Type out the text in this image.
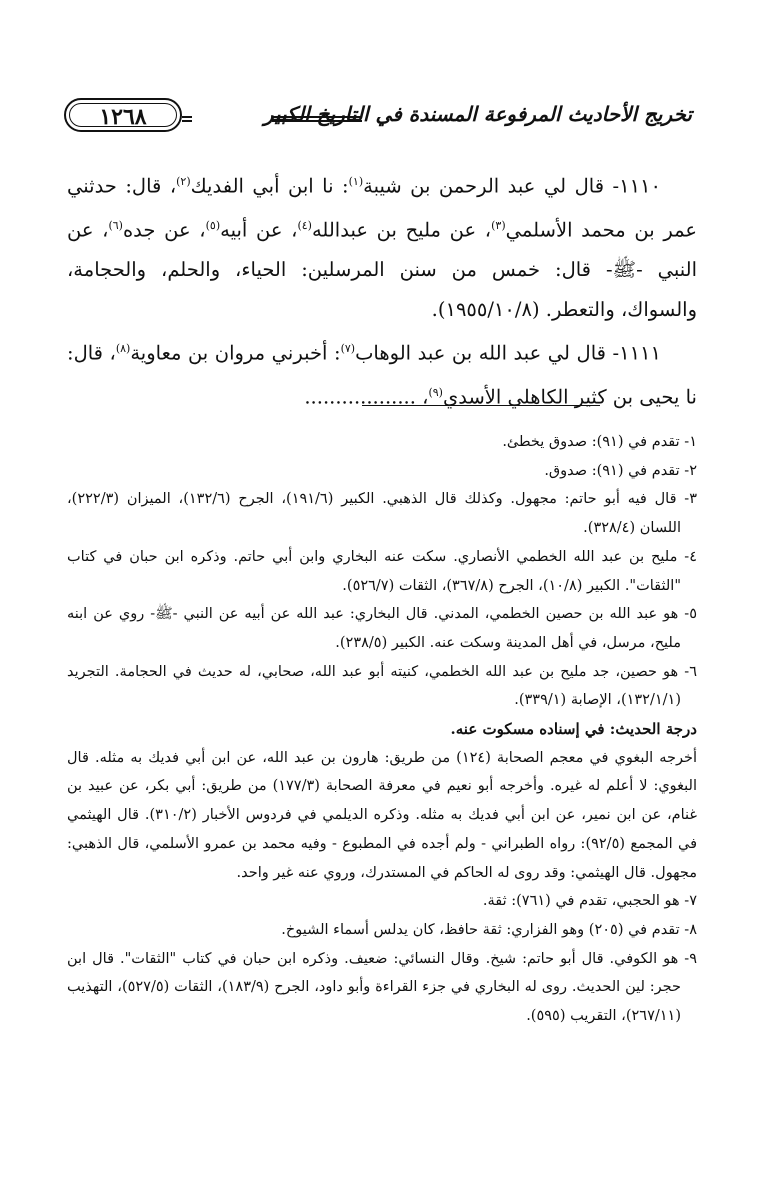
تخريج الأحاديث المرفوعة المسندة في التاريخ الكبير
١٢٦٨

١١١٠- قال لي عبد الرحمن بن شيبة$^{(١)}$: نا ابن أبي الفديك$^{(٢)}$، قال: حدثني عمر بن محمد الأسلمي$^{(٣)}$، عن مليح بن عبدالله$^{(٤)}$، عن أبيه$^{(٥)}$، عن جده$^{(٦)}$، عن النبي -ﷺ- قال: خمس من سنن المرسلين: الحياء، والحلم، والحجامة، والسواك، والتعطر. (١٩٥٥/١٠/٨).

١١١١- قال لي عبد الله بن عبد الوهاب$^{(٧)}$: أخبرني مروان بن معاوية$^{(٨)}$، قال: نا يحيى بن كثير الكاهلي الأسدي$^{(٩)}$، ..................

١- تقدم في (٩١): صدوق يخطئ.
٢- تقدم في (٩١): صدوق.
٣- قال فيه أبو حاتم: مجهول. وكذلك قال الذهبي. الكبير (١٩١/٦)، الجرح (١٣٢/٦)، الميزان (٢٢٢/٣)، اللسان (٣٢٨/٤).
٤- مليح بن عبد الله الخطمي الأنصاري. سكت عنه البخاري وابن أبي حاتم. وذكره ابن حبان في كتاب "الثقات". الكبير (١٠/٨)، الجرح (٣٦٧/٨)، الثقات (٥٢٦/٧).
٥- هو عبد الله بن حصين الخطمي، المدني. قال البخاري: عبد الله عن أبيه عن النبي -ﷺ- روي عن ابنه مليح، مرسل، في أهل المدينة وسكت عنه. الكبير (٢٣٨/٥).
٦- هو حصين، جد مليح بن عبد الله الخطمي، كنيته أبو عبد الله، صحابي، له حديث في الحجامة. التجريد (١٣٢/١/١)، الإصابة (٣٣٩/١).
درجة الحديث: في إسناده مسكوت عنه.
أخرجه البغوي في معجم الصحابة (١٢٤) من طريق: هارون بن عبد الله، عن ابن أبي فديك به مثله. قال البغوي: لا أعلم له غيره. وأخرجه أبو نعيم في معرفة الصحابة (١٧٧/٣) من طريق: أبي بكر، عن عبيد بن غنام، عن ابن نمير، عن ابن أبي فديك به مثله. وذكره الديلمي في فردوس الأخبار (٣١٠/٢). قال الهيثمي في المجمع (٩٢/٥): رواه الطبراني - ولم أجده في المطبوع - وفيه محمد بن عمرو الأسلمي، قال الذهبي: مجهول. قال الهيثمي: وقد روى له الحاكم في المستدرك، وروي عنه غير واحد.
٧- هو الحجبي، تقدم في (٧٦١): ثقة.
٨- تقدم في (٢٠٥) وهو الفزاري: ثقة حافظ، كان يدلس أسماء الشيوخ.
٩- هو الكوفي. قال أبو حاتم: شيخ. وقال النسائي: ضعيف. وذكره ابن حبان في كتاب "الثقات". قال ابن حجر: لين الحديث. روى له البخاري في جزء القراءة وأبو داود، الجرح (١٨٣/٩)، الثقات (٥٢٧/٥)، التهذيب (٢٦٧/١١)، التقريب (٥٩٥).
